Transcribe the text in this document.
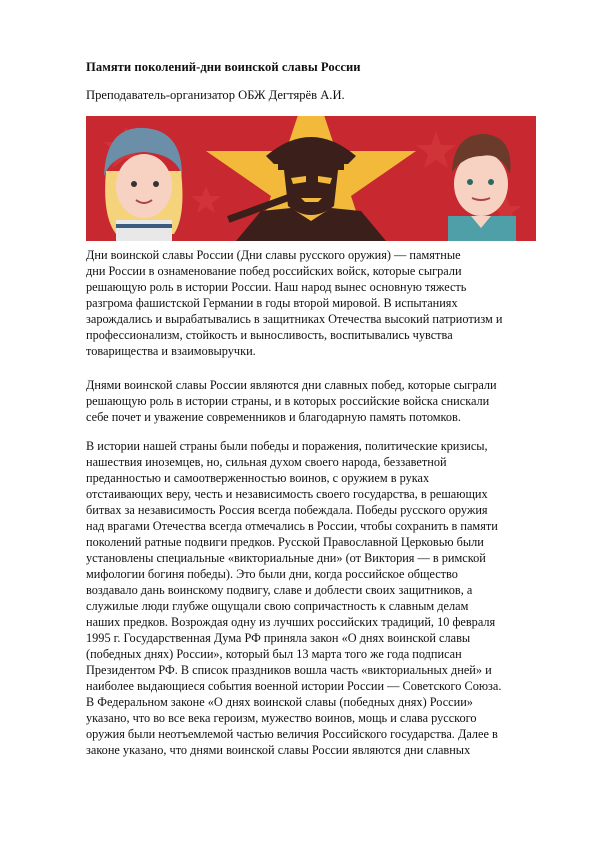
Памяти поколений-дни воинской славы России

Преподаватель-организатор ОБЖ Дегтярёв А.И.

Дни воинской славы России (Дни славы русского оружия) — памятные
дни России в ознаменование побед российских войск, которые сыграли
решающую роль в истории России. Наш народ вынес основную тяжесть
разгрома фашистской Германии в годы второй мировой. В испытаниях
зарождались и вырабатывались в защитниках Отечества высокий патриотизм и
профессионализм, стойкость и выносливость, воспитывались чувства
товарищества и взаимовыручки.
Днями воинской славы России являются дни славных побед, которые сыграли
решающую роль в истории страны, и в которых российские войска снискали
себе почет и уважение современников и благодарную память потомков.
В истории нашей страны были победы и поражения, политические кризисы,
нашествия иноземцев, но, сильная духом своего народа, беззаветной
преданностью и самоотверженностью воинов, с оружием в руках
отстаивающих веру, честь и независимость своего государства, в решающих
битвах за независимость Россия всегда побеждала. Победы русского оружия
над врагами Отечества всегда отмечались в России, чтобы сохранить в памяти
поколений ратные подвиги предков. Русской Православной Церковью были
установлены специальные «викториальные дни» (от Виктория — в римской
мифологии богиня победы). Это были дни, когда российское общество
воздавало дань воинскому подвигу, славе и доблести своих защитников, а
служилые люди глубже ощущали свою сопричастность к славным делам
наших предков. Возрождая одну из лучших российских традиций, 10 февраля
1995 г. Государственная Дума РФ приняла закон «О днях воинской славы
(победных днях) России», который был 13 марта того же года подписан
Президентом РФ. В список праздников вошла часть «викториальных дней» и
наиболее выдающиеся события военной истории России — Советского Союза.
В Федеральном законе «О днях воинской славы (победных днях) России»
указано, что во все века героизм, мужество воинов, мощь и слава русского
оружия были неотъемлемой частью величия Российского государства. Далее в
законе указано, что днями воинской славы России являются дни славных
